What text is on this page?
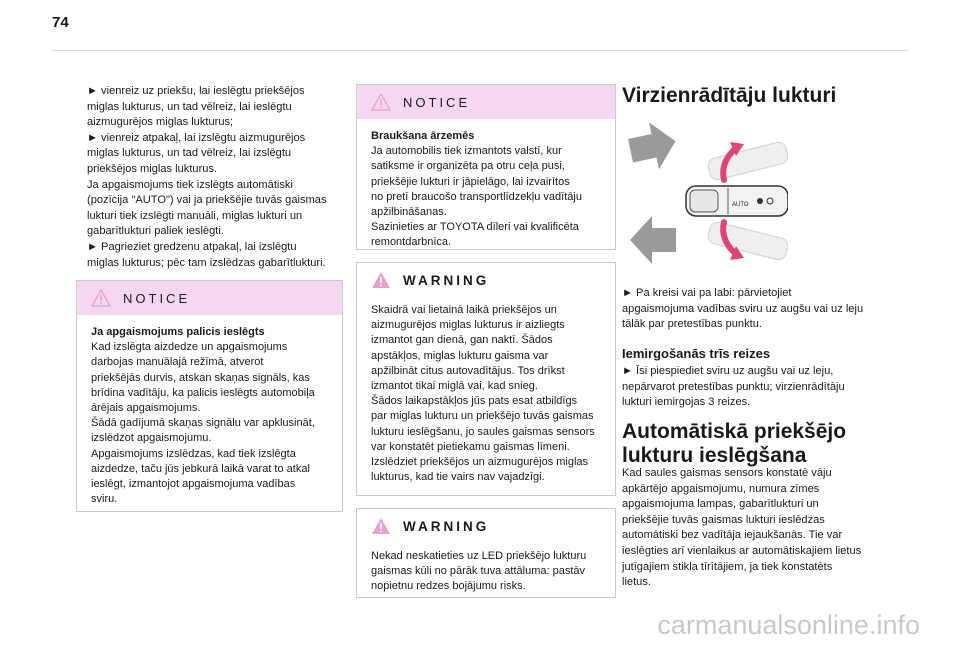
74

► vienreiz uz priekšu, lai ieslēgtu priekšējos

miglas lukturus, un tad vēlreiz, lai ieslēgtu

aizmugurējos miglas lukturus;

► vienreiz atpakaļ, lai izslēgtu aizmugurējos

miglas lukturus, un tad vēlreiz, lai izslēgtu

priekšējos miglas lukturus.

Ja apgaismojums tiek izslēgts automātiski

(pozīcija "AUTO") vai ja priekšējie tuvās gaismas

lukturi tiek izslēgti manuāli, miglas lukturi un

gabarītlukturi paliek ieslēgti.

► Pagrieziet gredzenu atpakaļ, lai izslēgtu

miglas lukturus; pēc tam izslēdzas gabarītlukturi.

NOTICE

Ja apgaismojums palicis ieslēgts

Kad izslēgta aizdedze un apgaismojums

darbojas manuālajā režīmā, atverot

priekšējās durvis, atskan skaņas signāls, kas

brīdina vadītāju, ka palicis ieslēgts automobiļa

ārējais apgaismojums.

Šādā gadījumā skaņas signālu var apklusināt,

izslēdzot apgaismojumu.

Apgaismojums izslēdzas, kad tiek izslēgta

aizdedze, taču jūs jebkurā laikā varat to atkal

ieslēgt, izmantojot apgaismojuma vadības

sviru.

NOTICE

Braukšana ārzemēs

Ja automobilis tiek izmantots valstī, kur

satiksme ir organizēta pa otru ceļa pusi,

priekšējie lukturi ir jāpielāgo, lai izvairītos

no pretī braucošo transportlīdzekļu vadītāju

apžilbināšanas.

Sazinieties ar TOYOTA dīleri vai kvalificēta

remontdarbnīca.

WARNING

Skaidrā vai lietainā laikā priekšējos un

aizmugurējos miglas lukturus ir aizliegts

izmantot gan dienā, gan naktī. Šādos

apstākļos, miglas lukturu gaisma var

apžilbināt citus autovadītājus. Tos drīkst

izmantot tikai miglā vai, kad snieg.

Šādos laikapstākļos jūs pats esat atbildīgs

par miglas lukturu un priekšējo tuvās gaismas

lukturu ieslēgšanu, jo saules gaismas sensors

var konstatēt pietiekamu gaismas līmeni.

Izslēdziet priekšējos un aizmugurējos miglas

lukturus, kad tie vairs nav vajadzīgi.

WARNING

Nekad neskatieties uz LED priekšējo lukturu

gaismas kūli no pārāk tuva attāluma: pastāv

nopietnu redzes bojājumu risks.

Virzienrādītāju lukturi
AUTO

► Pa kreisi vai pa labi: pārvietojiet

apgaismojuma vadības sviru uz augšu vai uz leju

tālāk par pretestības punktu.

Iemirgošanās trīs reizes

► Īsi piespiediet sviru uz augšu vai uz leju,

nepārvarot pretestības punktu; virzienrādītāju

lukturi iemirgojas 3 reizes.

Automātiskā priekšējo
lukturu ieslēgšana

Kad saules gaismas sensors konstatē vāju

apkārtējo apgaismojumu, numura zīmes

apgaismojuma lampas, gabarītlukturi un

priekšējie tuvās gaismas lukturi ieslēdzas

automātiski bez vadītāja iejaukšanās. Tie var

ieslēgties arī vienlaikus ar automātiskajiem lietus

jutīgajiem stikla tīrītājiem, ja tiek konstatēts

lietus.

carmanualsonline.info
